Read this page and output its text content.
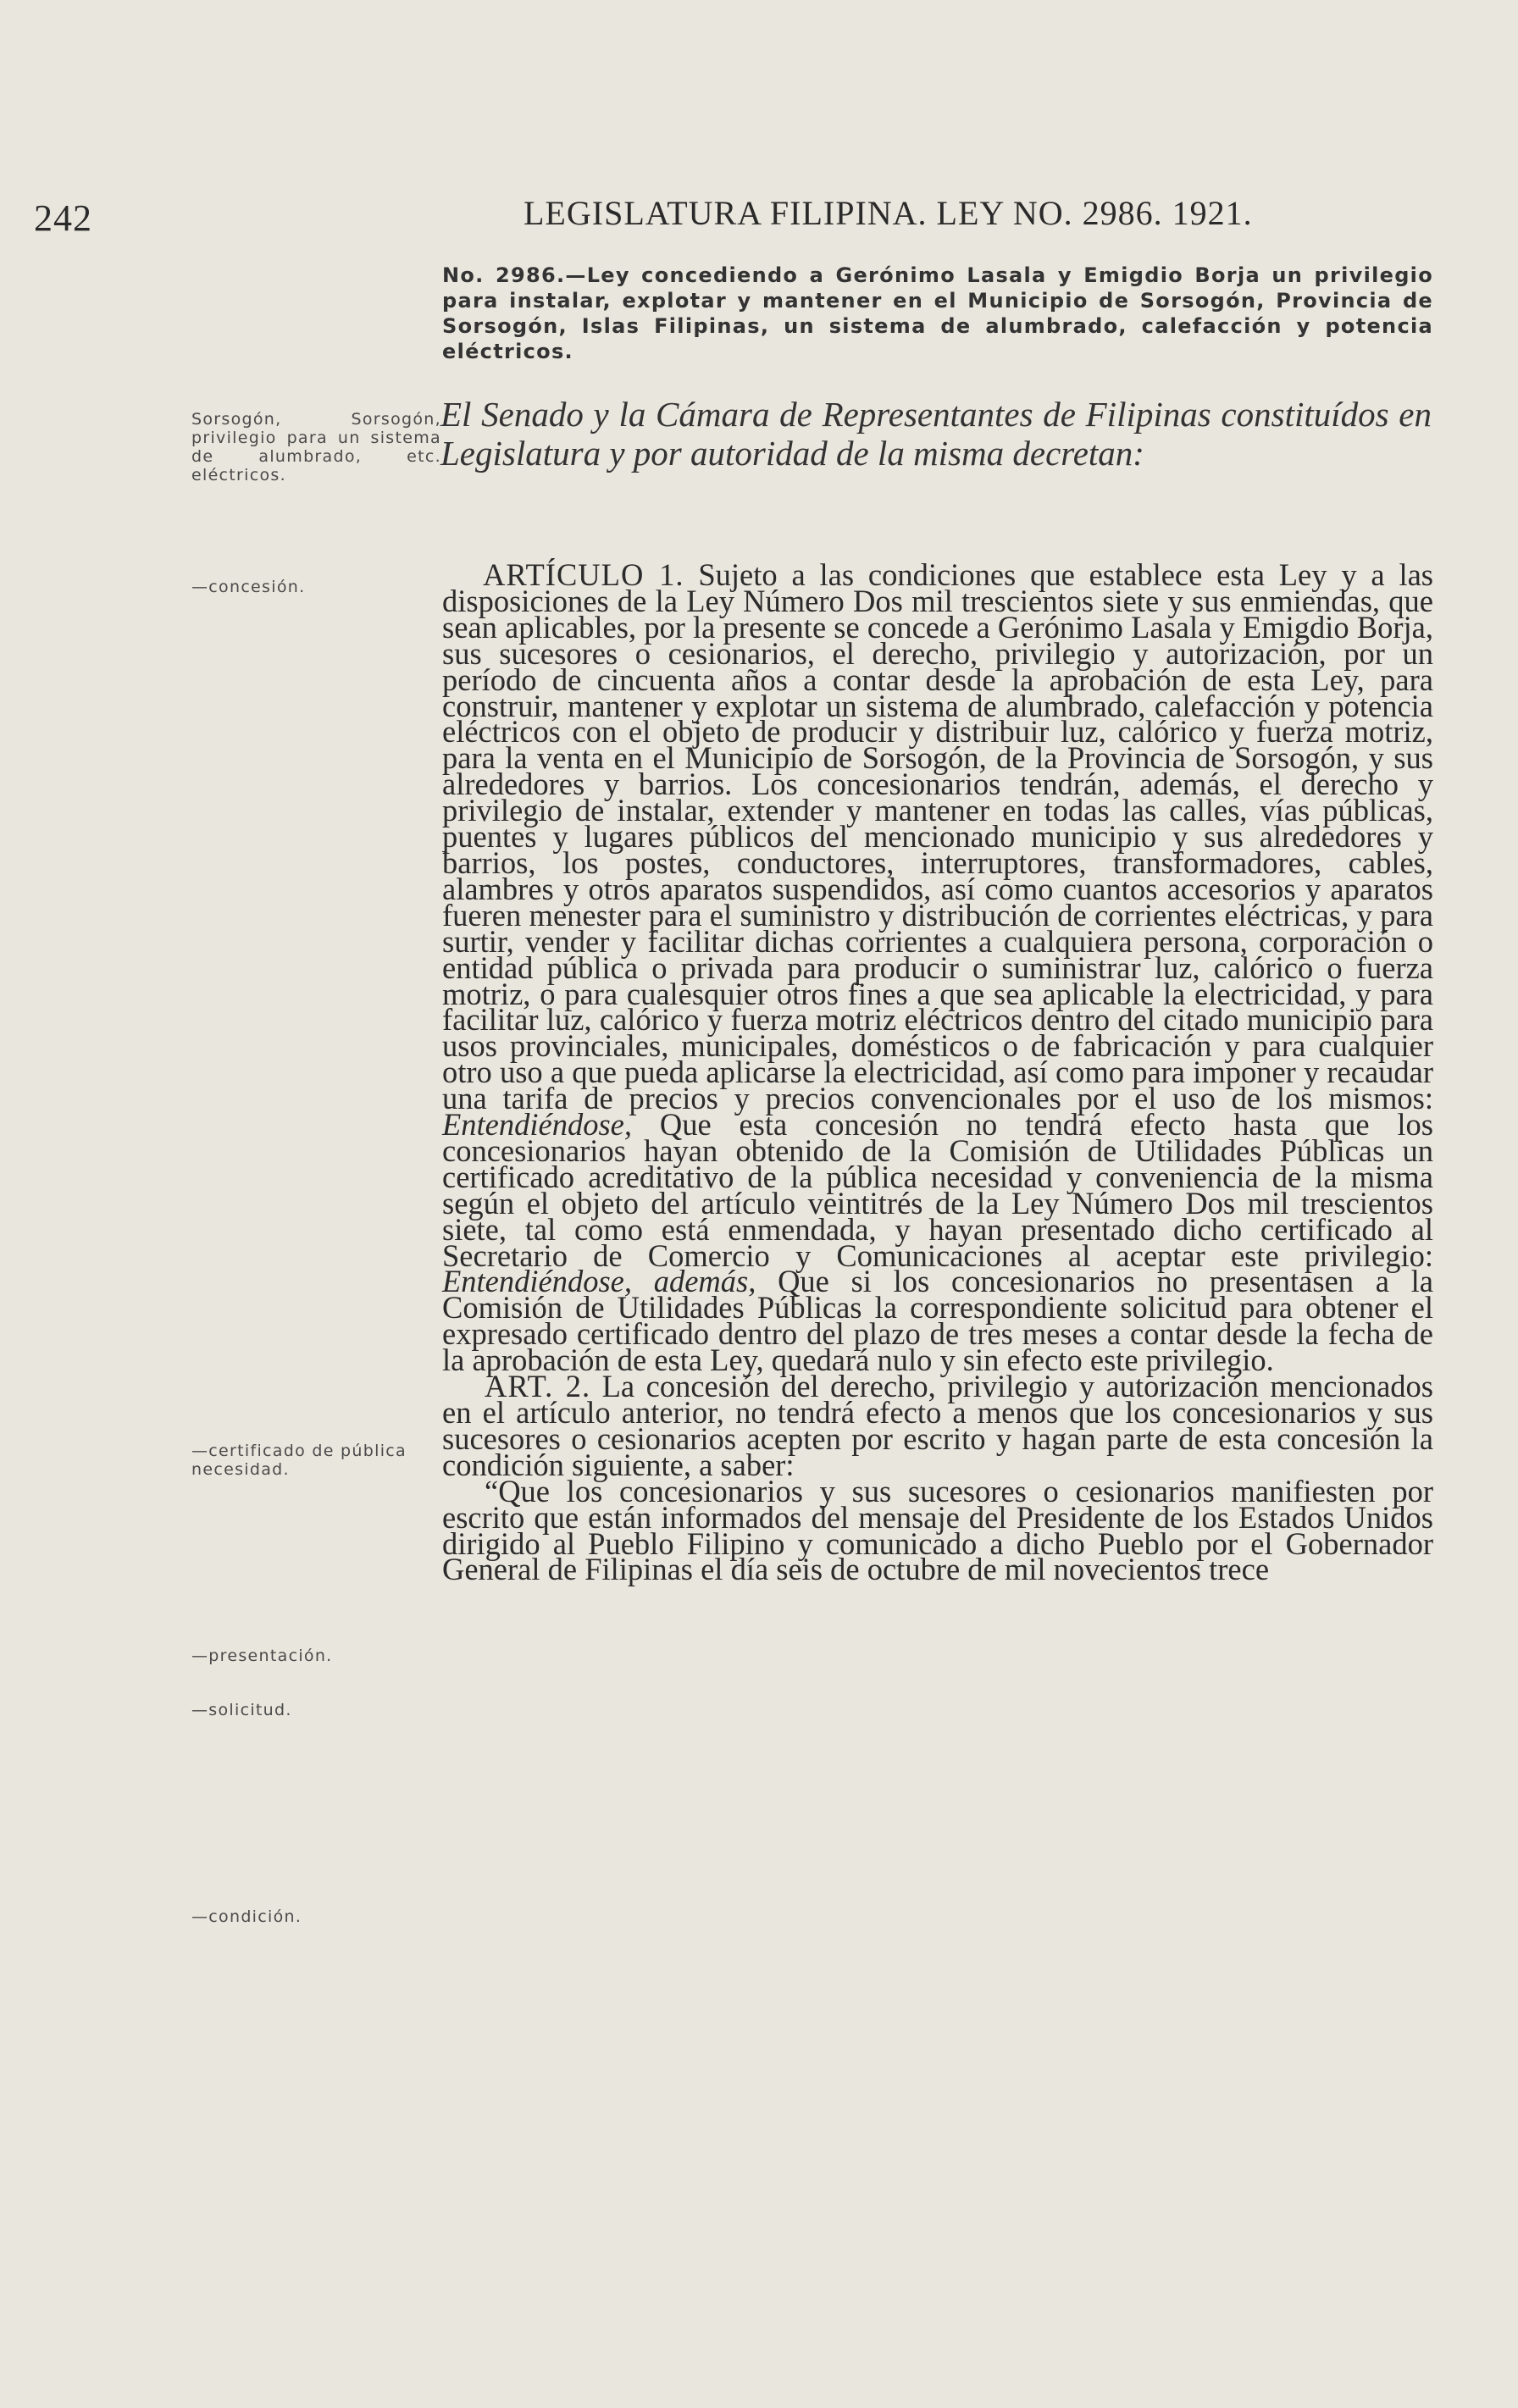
242	LEGISLATURA FILIPINA. LEY NO. 2986. 1921.

No. 2986.—Ley concediendo a Gerónimo Lasala y Emigdio Borja un privilegio para instalar, explotar y mantener en el Municipio de Sorsogón, Provincia de Sorsogón, Islas Filipinas, un sistema de alumbrado, calefacción y potencia eléctricos.

El Senado y la Cámara de Representantes de Filipinas constituídos en Legislatura y por autoridad de la misma decretan:

Sorsogón, Sorsogón, privilegio para un sistema de alumbrado, etc. eléctricos.
—concesión.
—certificado de pública necesidad.
—presentación.
—solicitud.
—condición.

ARTÍCULO 1. Sujeto a las condiciones que establece esta Ley y a las disposiciones de la Ley Número Dos mil trescientos siete y sus enmiendas, que sean aplicables, por la presente se concede a Gerónimo Lasala y Emigdio Borja, sus sucesores o cesionarios, el derecho, privilegio y autorización, por un período de cincuenta años a contar desde la aprobación de esta Ley, para construir, mantener y explotar un sistema de alumbrado, calefacción y potencia eléctricos con el objeto de producir y distribuir luz, calórico y fuerza motriz, para la venta en el Municipio de Sorsogón, de la Provincia de Sorsogón, y sus alrededores y barrios. Los concesionarios tendrán, además, el derecho y privilegio de instalar, extender y mantener en todas las calles, vías públicas, puentes y lugares públicos del mencionado municipio y sus alrededores y barrios, los postes, conductores, interruptores, transformadores, cables, alambres y otros aparatos suspendidos, así como cuantos accesorios y aparatos fueren menester para el suministro y distribución de corrientes eléctricas, y para surtir, vender y facilitar dichas corrientes a cualquiera persona, corporación o entidad pública o privada para producir o suministrar luz, calórico o fuerza motriz, o para cualesquier otros fines a que sea aplicable la electricidad, y para facilitar luz, calórico y fuerza motriz eléctricos dentro del citado municipio para usos provinciales, municipales, domésticos o de fabricación y para cualquier otro uso a que pueda aplicarse la electricidad, así como para imponer y recaudar una tarifa de precios y precios convencionales por el uso de los mismos: Entendiéndose, Que esta concesión no tendrá efecto hasta que los concesionarios hayan obtenido de la Comisión de Utilidades Públicas un certificado acreditativo de la pública necesidad y conveniencia de la misma según el objeto del artículo veintitrés de la Ley Número Dos mil trescientos siete, tal como está enmendada, y hayan presentado dicho certificado al Secretario de Comercio y Comunicaciones al aceptar este privilegio: Entendiéndose, además, Que si los concesionarios no presentasen a la Comisión de Utilidades Públicas la correspondiente solicitud para obtener el expresado certificado dentro del plazo de tres meses a contar desde la fecha de la aprobación de esta Ley, quedará nulo y sin efecto este privilegio.

ART. 2. La concesión del derecho, privilegio y autorización mencionados en el artículo anterior, no tendrá efecto a menos que los concesionarios y sus sucesores o cesionarios acepten por escrito y hagan parte de esta concesión la condición siguiente, a saber:

“Que los concesionarios y sus sucesores o cesionarios manifiesten por escrito que están informados del mensaje del Presidente de los Estados Unidos dirigido al Pueblo Filipino y comunicado a dicho Pueblo por el Gobernador General de Filipinas el día seis de octubre de mil novecientos trece
